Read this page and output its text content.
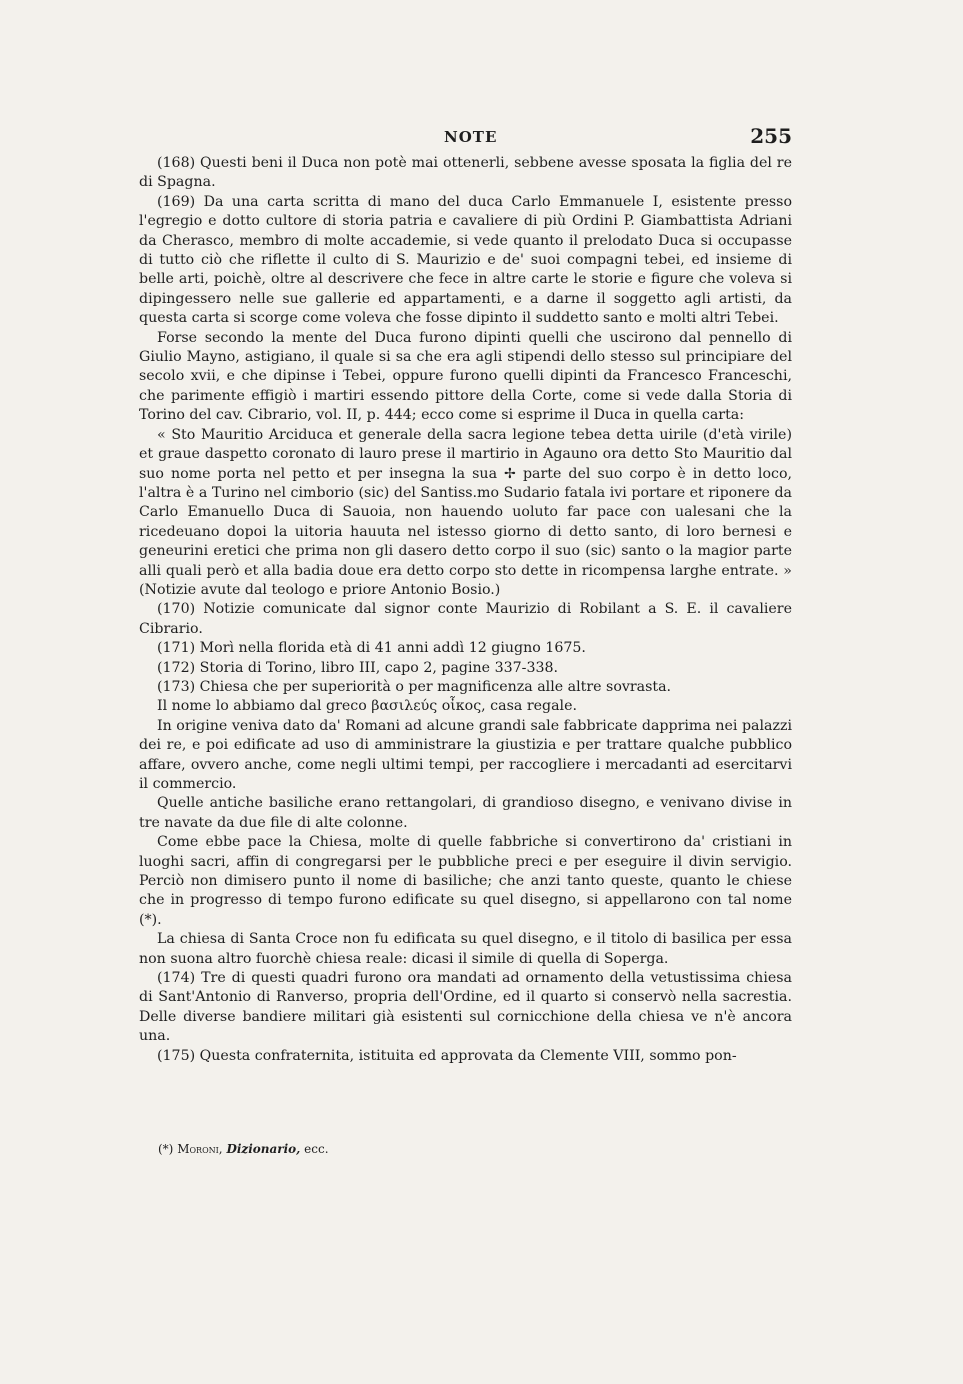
NOTE	255

(168) Questi beni il Duca non potè mai ottenerli, sebbene avesse sposata la figlia del re di Spagna.

(169) Da una carta scritta di mano del duca Carlo Emmanuele I, esistente presso l'egregio e dotto cultore di storia patria e cavaliere di più Ordini P. Giambattista Adriani da Cherasco, membro di molte accademie, si vede quanto il prelodato Duca si occupasse di tutto ciò che riflette il culto di S. Maurizio e de' suoi compagni tebei, ed insieme di belle arti, poichè, oltre al descrivere che fece in altre carte le storie e figure che voleva si dipingessero nelle sue gallerie ed appartamenti, e a darne il soggetto agli artisti, da questa carta si scorge come voleva che fosse dipinto il suddetto santo e molti altri Tebei.

Forse secondo la mente del Duca furono dipinti quelli che uscirono dal pennello di Giulio Mayno, astigiano, il quale si sa che era agli stipendi dello stesso sul principiare del secolo xvii, e che dipinse i Tebei, oppure furono quelli dipinti da Francesco Franceschi, che parimente effigiò i martiri essendo pittore della Corte, come si vede dalla Storia di Torino del cav. Cibrario, vol. II, p. 444; ecco come si esprime il Duca in quella carta:

« Sto Mauritio Arciduca et generale della sacra legione tebea detta uirile (d'età virile) et graue daspetto coronato di lauro prese il martirio in Agauno ora detto Sto Mauritio dal suo nome porta nel petto et per insegna la sua ✢ parte del suo corpo è in detto loco, l'altra è a Turino nel cimborio (sic) del Santiss.mo Sudario fatala ivi portare et riponere da Carlo Emanuello Duca di Sauoia, non hauendo uoluto far pace con ualesani che la ricedeuano dopoi la uitoria hauuta nel istesso giorno di detto santo, di loro bernesi e geneurini eretici che prima non gli dasero detto corpo il suo (sic) santo o la magior parte alli quali però et alla badia doue era detto corpo sto dette in ricompensa larghe entrate. » (Notizie avute dal teologo e priore Antonio Bosio.)

(170) Notizie comunicate dal signor conte Maurizio di Robilant a S. E. il cavaliere Cibrario.

(171) Morì nella florida età di 41 anni addì 12 giugno 1675.

(172) Storia di Torino, libro III, capo 2, pagine 337-338.

(173) Chiesa che per superiorità o per magnificenza alle altre sovrasta.

Il nome lo abbiamo dal greco βασιλεύς οἶκος, casa regale.

In origine veniva dato da' Romani ad alcune grandi sale fabbricate dapprima nei palazzi dei re, e poi edificate ad uso di amministrare la giustizia e per trattare qualche pubblico affare, ovvero anche, come negli ultimi tempi, per raccogliere i mercadanti ad esercitarvi il commercio.

Quelle antiche basiliche erano rettangolari, di grandioso disegno, e venivano divise in tre navate da due file di alte colonne.

Come ebbe pace la Chiesa, molte di quelle fabbriche si convertirono da' cristiani in luoghi sacri, affin di congregarsi per le pubbliche preci e per eseguire il divin servigio. Perciò non dimisero punto il nome di basiliche; che anzi tanto queste, quanto le chiese che in progresso di tempo furono edificate su quel disegno, si appellarono con tal nome (*).

La chiesa di Santa Croce non fu edificata su quel disegno, e il titolo di basilica per essa non suona altro fuorchè chiesa reale: dicasi il simile di quella di Soperga.

(174) Tre di questi quadri furono ora mandati ad ornamento della vetustissima chiesa di Sant'Antonio di Ranverso, propria dell'Ordine, ed il quarto si conservò nella sacrestia. Delle diverse bandiere militari già esistenti sul cornicchione della chiesa ve n'è ancora una.

(175) Questa confraternita, istituita ed approvata da Clemente VIII, sommo pon-

(*) Moroni, Dizionario, ecc.
